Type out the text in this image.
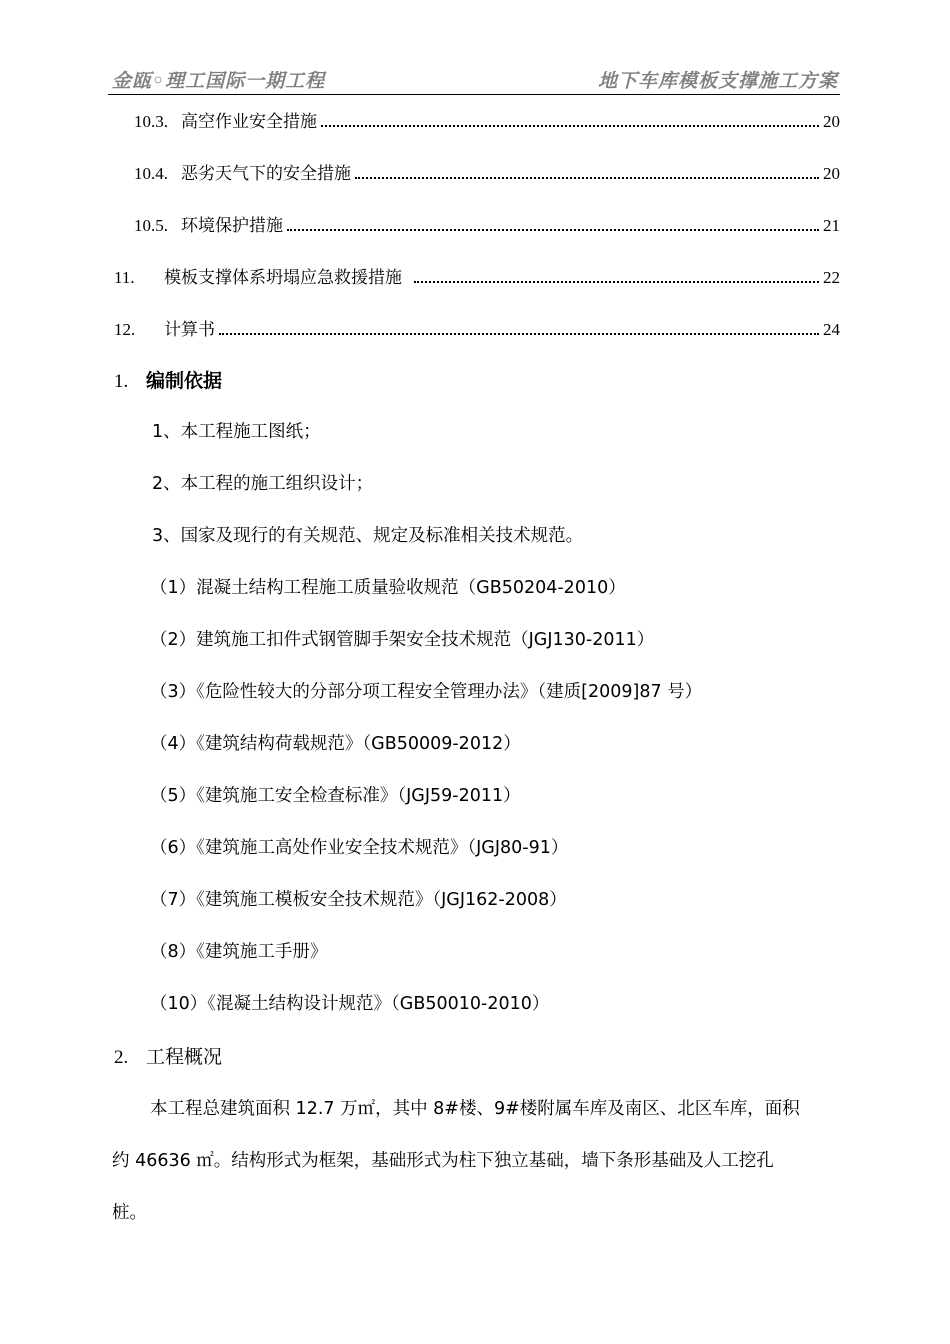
金瓯◦理工国际一期工程	地下车库模板支撑施工方案
10.3. 高空作业安全措施	20
10.4. 恶劣天气下的安全措施	20
10.5. 环境保护措施	21
11.	模板支撑体系坍塌应急救援措施	22
12.	计算书	24
1. 编制依据
1、本工程施工图纸；
2、本工程的施工组织设计；
3、国家及现行的有关规范、规定及标准相关技术规范。
（1）混凝土结构工程施工质量验收规范（GB50204-2010）
（2）建筑施工扣件式钢管脚手架安全技术规范（JGJ130-2011）
（3）《危险性较大的分部分项工程安全管理办法》（建质[2009]87 号）
（4）《建筑结构荷载规范》（GB50009-2012）
（5）《建筑施工安全检查标准》（JGJ59-2011）
（6）《建筑施工高处作业安全技术规范》（JGJ80-91）
（7）《建筑施工模板安全技术规范》（JGJ162-2008）
（8）《建筑施工手册》
（10）《混凝土结构设计规范》（GB50010-2010）
2. 工程概况
本工程总建筑面积 12.7 万㎡，其中 8#楼、9#楼附属车库及南区、北区车库，面积
约 46636 ㎡。结构形式为框架，基础形式为柱下独立基础，墙下条形基础及人工挖孔
桩。
